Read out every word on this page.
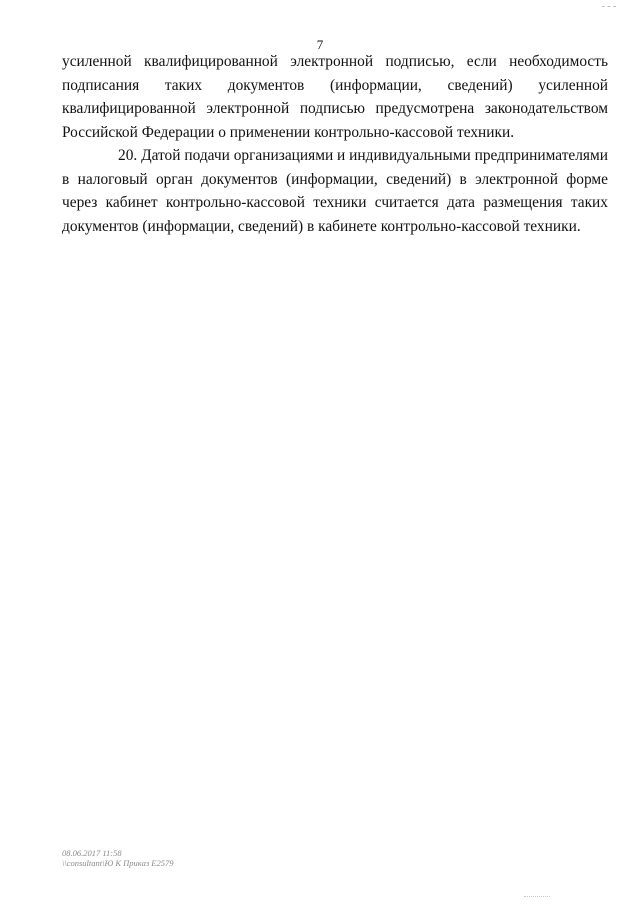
7

усиленной квалифицированной электронной подписью, если необходимость подписания таких документов (информации, сведений) усиленной квалифицированной электронной подписью предусмотрена законодательством Российской Федерации о применении контрольно-кассовой техники.

20. Датой подачи организациями и индивидуальными предпринимателями в налоговый орган документов (информации, сведений) в электронной форме через кабинет контрольно-кассовой техники считается дата размещения таких документов (информации, сведений) в кабинете контрольно-кассовой техники.

08.06.2017 11:58
\\consultant\Ю К Приказ E2579
